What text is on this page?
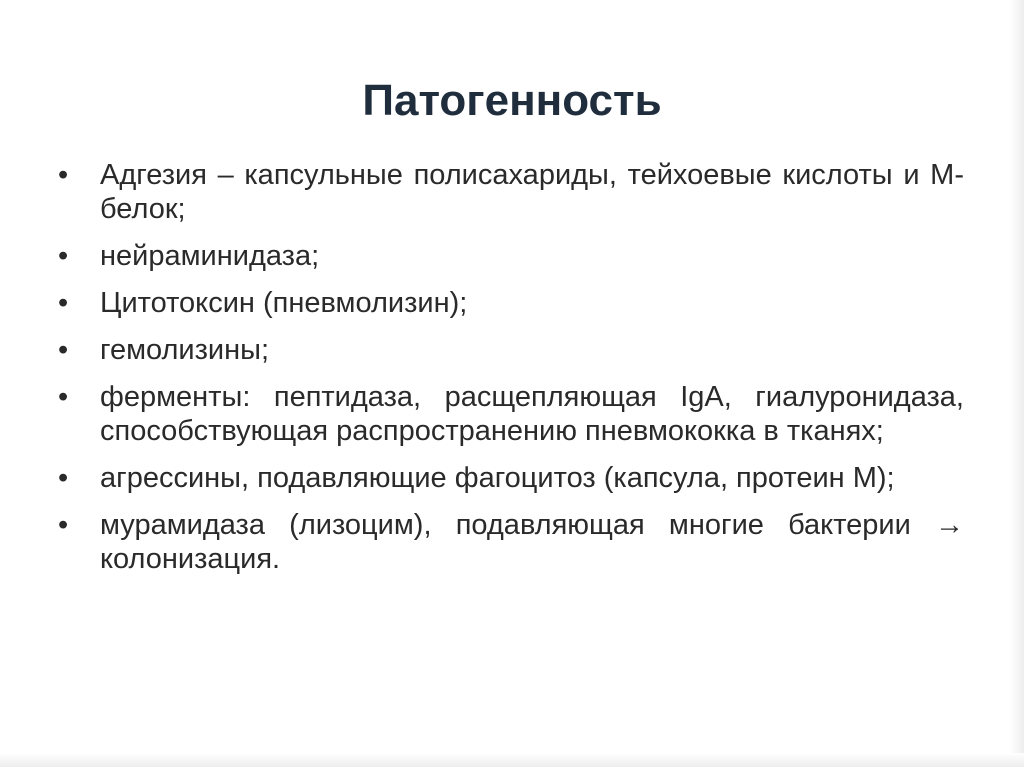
Патогенность
•	Адгезия – капсульные полисахариды, тейхоевые кислоты и М-белок;
•	нейраминидаза;
•	Цитотоксин (пневмолизин);
•	гемолизины;
•	ферменты: пептидаза, расщепляющая IgA, гиалуронидаза, способствующая распространению пневмококка в тканях;
•	агрессины, подавляющие фагоцитоз (капсула, протеин М);
•	мурамидаза (лизоцим), подавляющая многие бактерии → колонизация.
